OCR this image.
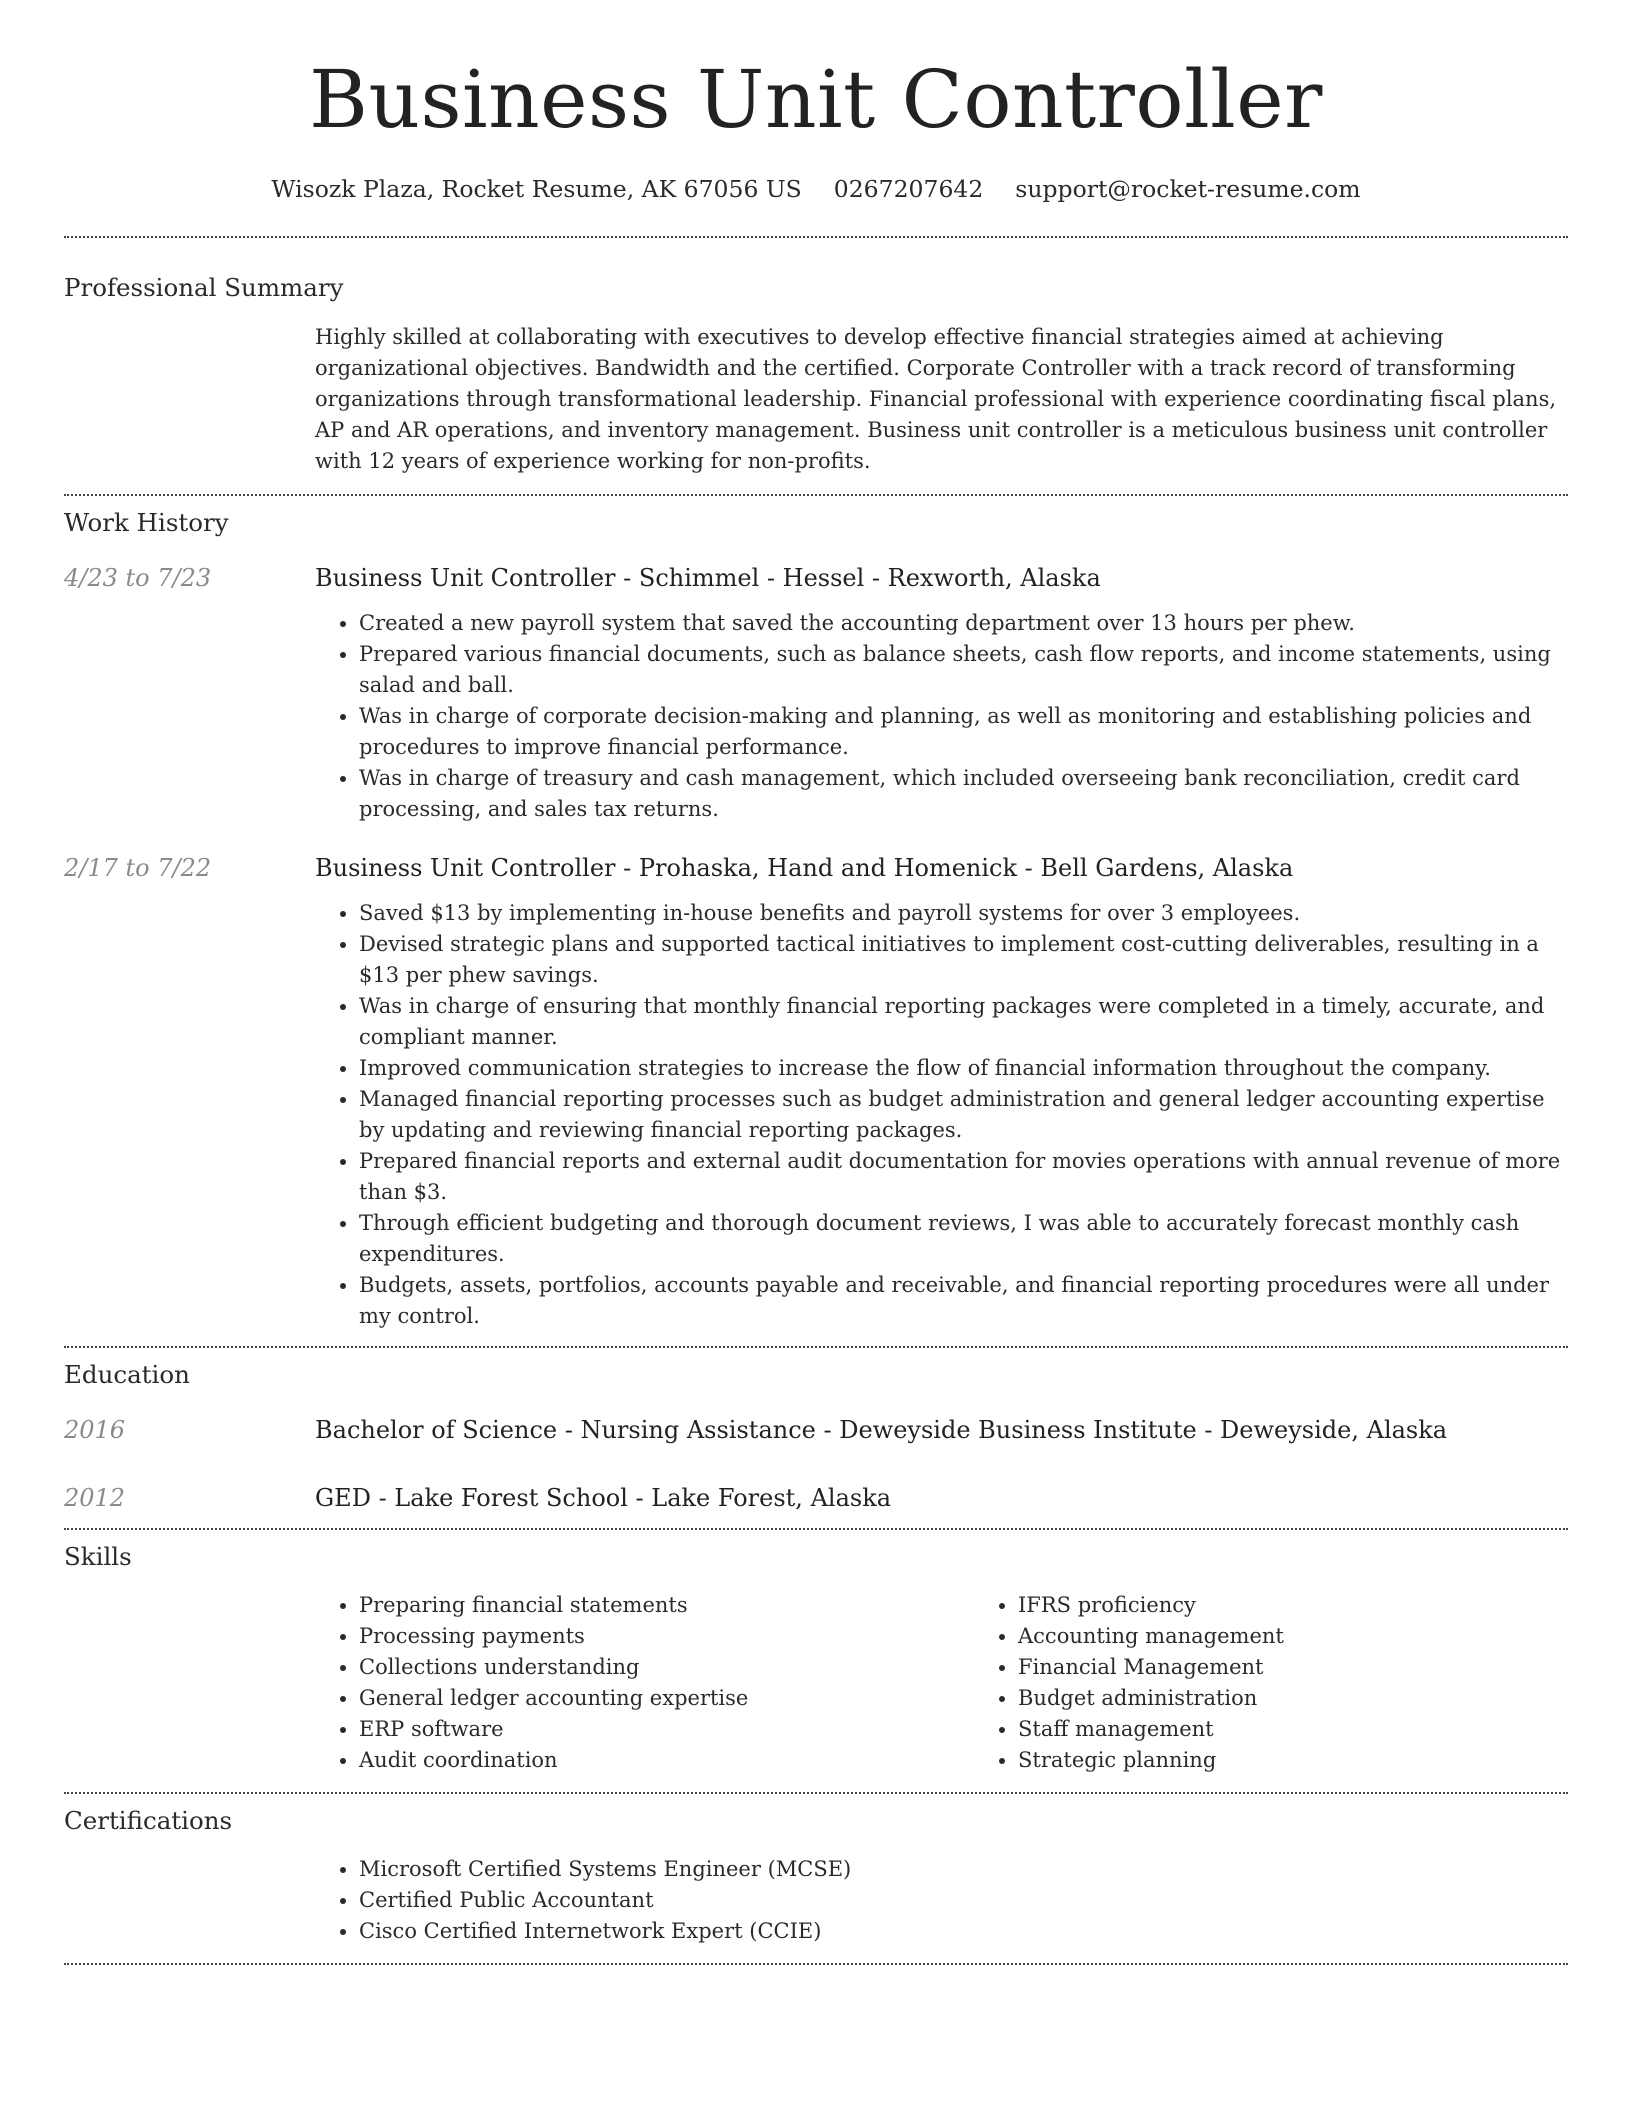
Business Unit Controller
Wisozk Plaza, Rocket Resume, AK 67056 US 0267207642 support@rocket-resume.com
Professional Summary
Highly skilled at collaborating with executives to develop effective financial strategies aimed at achieving organizational objectives. Bandwidth and the certified. Corporate Controller with a track record of transforming organizations through transformational leadership. Financial professional with experience coordinating fiscal plans, AP and AR operations, and inventory management. Business unit controller is a meticulous business unit controller with 12 years of experience working for non-profits.
Work History
4/23 to 7/23	Business Unit Controller - Schimmel - Hessel - Rexworth, Alaska
• Created a new payroll system that saved the accounting department over 13 hours per phew.
• Prepared various financial documents, such as balance sheets, cash flow reports, and income statements, using salad and ball.
• Was in charge of corporate decision-making and planning, as well as monitoring and establishing policies and procedures to improve financial performance.
• Was in charge of treasury and cash management, which included overseeing bank reconciliation, credit card processing, and sales tax returns.
2/17 to 7/22	Business Unit Controller - Prohaska, Hand and Homenick - Bell Gardens, Alaska
• Saved $13 by implementing in-house benefits and payroll systems for over 3 employees.
• Devised strategic plans and supported tactical initiatives to implement cost-cutting deliverables, resulting in a $13 per phew savings.
• Was in charge of ensuring that monthly financial reporting packages were completed in a timely, accurate, and compliant manner.
• Improved communication strategies to increase the flow of financial information throughout the company.
• Managed financial reporting processes such as budget administration and general ledger accounting expertise by updating and reviewing financial reporting packages.
• Prepared financial reports and external audit documentation for movies operations with annual revenue of more than $3.
• Through efficient budgeting and thorough document reviews, I was able to accurately forecast monthly cash expenditures.
• Budgets, assets, portfolios, accounts payable and receivable, and financial reporting procedures were all under my control.
Education
2016	Bachelor of Science - Nursing Assistance - Deweyside Business Institute - Deweyside, Alaska
2012	GED - Lake Forest School - Lake Forest, Alaska
Skills
• Preparing financial statements
• Processing payments
• Collections understanding
• General ledger accounting expertise
• ERP software
• Audit coordination
• IFRS proficiency
• Accounting management
• Financial Management
• Budget administration
• Staff management
• Strategic planning
Certifications
• Microsoft Certified Systems Engineer (MCSE)
• Certified Public Accountant
• Cisco Certified Internetwork Expert (CCIE)
